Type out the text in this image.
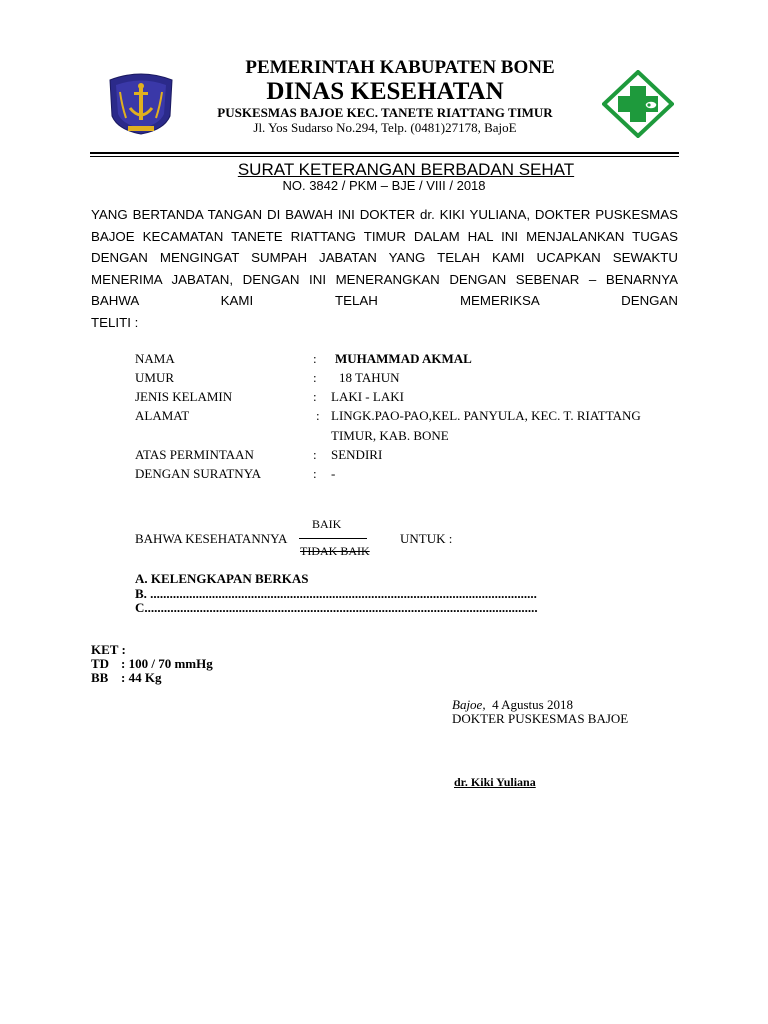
PEMERINTAH KABUPATEN BONE
DINAS KESEHATAN
PUSKESMAS BAJOE KEC. TANETE RIATTANG TIMUR
Jl. Yos Sudarso No.294, Telp. (0481)27178, BajoE
SURAT KETERANGAN BERBADAN SEHAT
NO. 3842 / PKM – BJE / VIII / 2018
YANG BERTANDA TANGAN DI BAWAH INI DOKTER dr. KIKI YULIANA, DOKTER PUSKESMAS BAJOE KECAMATAN TANETE RIATTANG TIMUR DALAM HAL INI MENJALANKAN TUGAS DENGAN MENGINGAT SUMPAH JABATAN YANG TELAH KAMI UCAPKAN SEWAKTU MENERIMA JABATAN, DENGAN INI MENERANGKAN DENGAN SEBENAR – BENARNYA BAHWA KAMI TELAH MEMERIKSA DENGAN
TELITI :
NAMA	: MUHAMMAD AKMAL
UMUR	: 18 TAHUN
JENIS KELAMIN	: LAKI - LAKI
ALAMAT	: LINGK.PAO-PAO,KEL. PANYULA, KEC. T. RIATTANG
TIMUR, KAB. BONE
ATAS PERMINTAAN	: SENDIRI
DENGAN SURATNYA	: -
BAHWA KESEHATANNYA
BAIK
TIDAK BAIK
UNTUK :
A. KELENGKAPAN BERKAS
B. .......................................................................................................................
C.........................................................................................................................
KET :
TD : 100 / 70 mmHg
BB : 44 Kg
Bajoe, 4 Agustus 2018
DOKTER PUSKESMAS BAJOE
dr. Kiki Yuliana
